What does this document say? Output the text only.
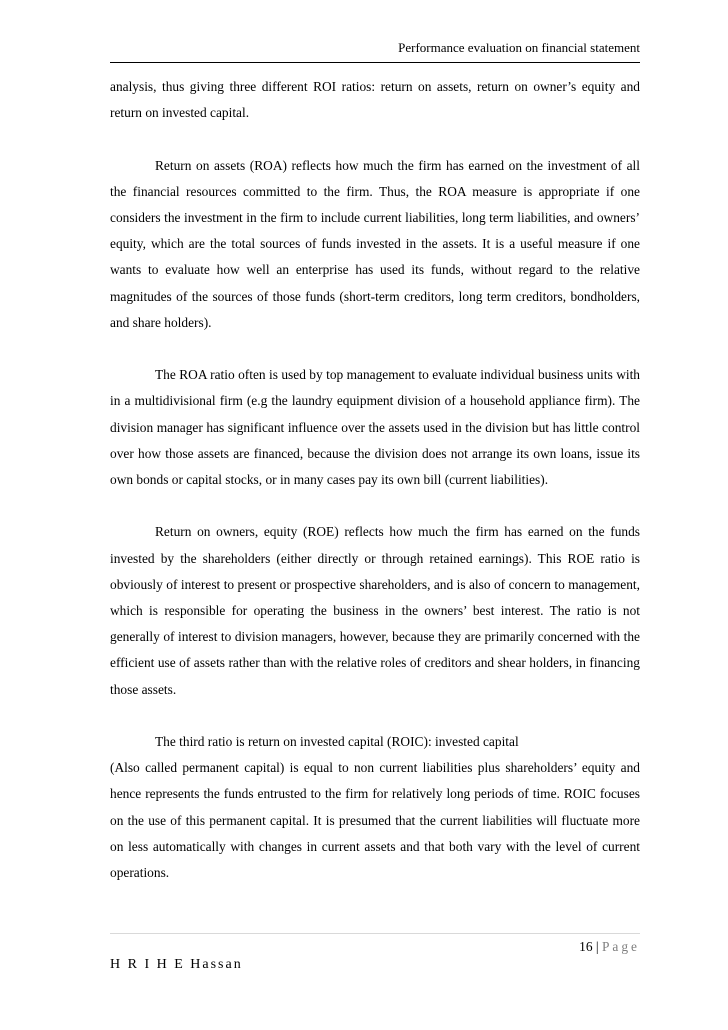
Performance evaluation on financial statement

analysis, thus giving three different ROI ratios: return on assets, return on owner’s equity and return on invested capital.

Return on assets (ROA) reflects how much the firm has earned on the investment of all the financial resources committed to the firm. Thus, the ROA measure is appropriate if one considers the investment in the firm to include current liabilities, long term liabilities, and owners’ equity, which are the total sources of funds invested in the assets. It is a useful measure if one wants to evaluate how well an enterprise has used its funds, without regard to the relative magnitudes of the sources of those funds (short-term creditors, long term creditors, bondholders, and share holders).

The ROA ratio often is used by top management to evaluate individual business units with in a multidivisional firm (e.g the laundry equipment division of a household appliance firm). The division manager has significant influence over the assets used in the division but has little control over how those assets are financed, because the division does not arrange its own loans, issue its own bonds or capital stocks, or in many cases pay its own bill (current liabilities).

Return on owners, equity (ROE) reflects how much the firm has earned on the funds invested by the shareholders (either directly or through retained earnings). This ROE ratio is obviously of interest to present or prospective shareholders, and is also of concern to management, which is responsible for operating the business in the owners’ best interest. The ratio is not generally of interest to division managers, however, because they are primarily concerned with the efficient use of assets rather than with the relative roles of creditors and shear holders, in financing those assets.

The third ratio is return on invested capital (ROIC): invested capital

(Also called permanent capital) is equal to non current liabilities plus shareholders’ equity and hence represents the funds entrusted to the firm for relatively long periods of time. ROIC focuses on the use of this permanent capital. It is presumed that the current liabilities will fluctuate more on less automatically with changes in current assets and that both vary with the level of current operations.

16 | Page
H R I H E Hassan
